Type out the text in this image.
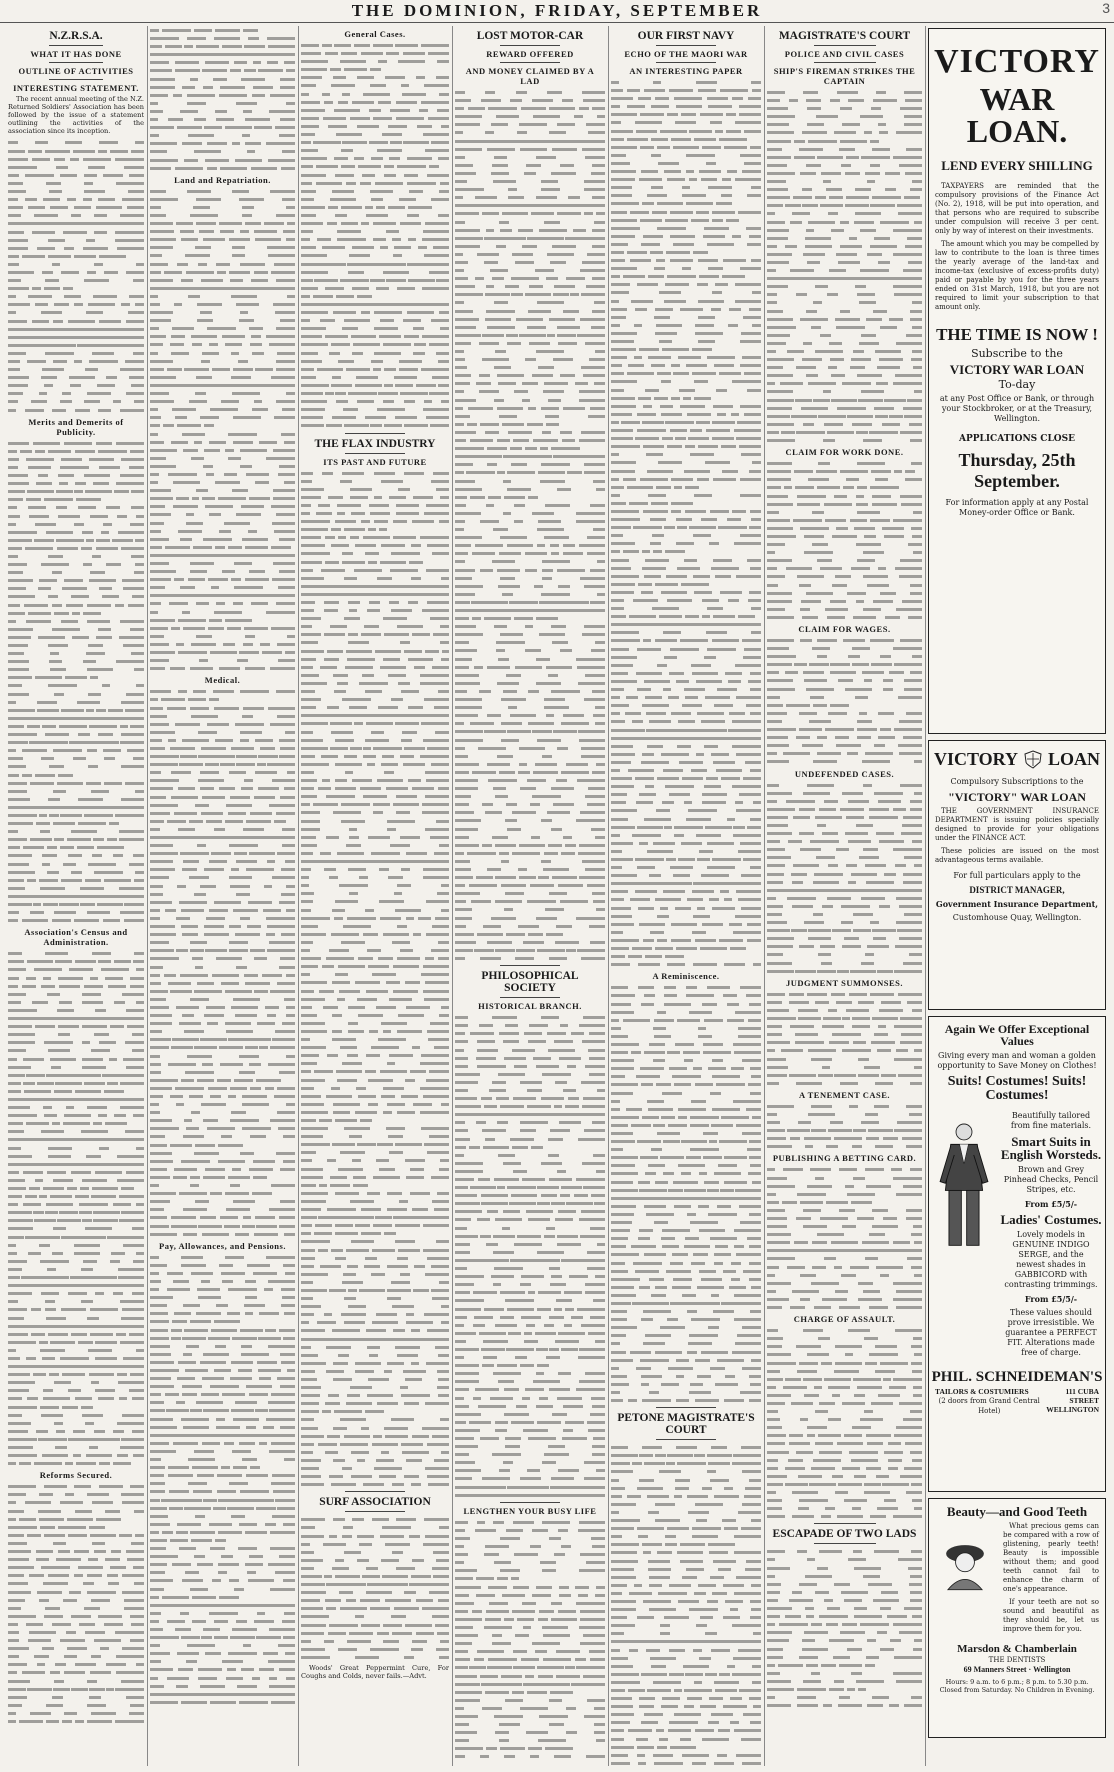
THE DOMINION, FRIDAY, SEPTEMBER	3
N.Z.R.S.A.
WHAT IT HAS DONE
OUTLINE OF ACTIVITIES
INTERESTING STATEMENT.

The recent annual meeting of the N.Z. Returned Soldiers' Association has been followed by the issue of a statement outlining the activities of the association since its inception.

Merits and Demerits of Publicity.
Association's Census and Administration.
Reforms Secured.
Land and Repatriation.
Medical.
Pay, Allowances, and Pensions.
General Cases.
THE FLAX INDUSTRY
ITS PAST AND FUTURE
SURF ASSOCIATION

Woods' Great Peppermint Cure, For Coughs and Colds, never fails.—Advt.

LOST MOTOR-CAR
REWARD OFFERED
AND MONEY CLAIMED BY A LAD
PHILOSOPHICAL SOCIETY
HISTORICAL BRANCH.
LENGTHEN YOUR BUSY LIFE
OUR FIRST NAVY
ECHO OF THE MAORI WAR
AN INTERESTING PAPER
A Reminiscence.
PETONE MAGISTRATE'S COURT
MAGISTRATE'S COURT
POLICE AND CIVIL CASES
SHIP'S FIREMAN STRIKES THE CAPTAIN
CLAIM FOR WORK DONE.
CLAIM FOR WAGES.
UNDEFENDED CASES.
JUDGMENT SUMMONSES.
A TENEMENT CASE.
PUBLISHING A BETTING CARD.
CHARGE OF ASSAULT.
ESCAPADE OF TWO LADS
VICTORY
WAR LOAN.
LEND EVERY SHILLING
TAXPAYERS are reminded that the compulsory provisions of the Finance Act (No. 2), 1918, will be put into operation, and that persons who are required to subscribe under compulsion will receive 3 per cent. only by way of interest on their investments.
The amount which you may be compelled by law to contribute to the loan is three times the yearly average of the land-tax and income-tax (exclusive of excess-profits duty) paid or payable by you for the three years ended on 31st March, 1918, but you are not required to limit your subscription to that amount only.
THE TIME IS NOW !
Subscribe to the
VICTORY WAR LOAN
To-day
at any Post Office or Bank, or through your Stockbroker, or at the Treasury, Wellington.
APPLICATIONS CLOSE
Thursday, 25th September.
For information apply at any Postal Money-order Office or Bank.
VICTORY LOAN
Compulsory Subscriptions to the
"VICTORY" WAR LOAN
THE GOVERNMENT INSURANCE DEPARTMENT is issuing policies specially designed to provide for your obligations under the FINANCE ACT.
These policies are issued on the most advantageous terms available.
For full particulars apply to the
DISTRICT MANAGER,
Government Insurance Department,
Customhouse Quay, Wellington.
Again We Offer Exceptional Values
Giving every man and woman a golden opportunity to Save Money on Clothes!
Suits! Costumes! Suits! Costumes!
Beautifully tailored from fine materials.
Smart Suits in English Worsteds.
Brown and Grey Pinhead Checks, Pencil Stripes, etc.
From £5/5/-
Ladies' Costumes.
Lovely models in GENUINE INDIGO SERGE, and the newest shades in GABBICORD with contrasting trimmings.
From £5/5/-
These values should prove irresistible. We guarantee a PERFECT FIT. Alterations made free of charge.
PHIL. SCHNEIDEMAN'S
TAILORS & COSTUMIERS
(2 doors from Grand Central Hotel)
111 CUBA STREET
WELLINGTON
Beauty—and Good Teeth
What precious gems can be compared with a row of glistening, pearly teeth! Beauty is impossible without them; and good teeth cannot fail to enhance the charm of one's appearance.
If your teeth are not so sound and beautiful as they should be, let us improve them for you.
Marsdon & Chamberlain
THE DENTISTS
69 Manners Street · Wellington
Hours: 9 a.m. to 6 p.m.; 8 p.m. to 5.30 p.m. Closed from Saturday. No Children in Evening.
